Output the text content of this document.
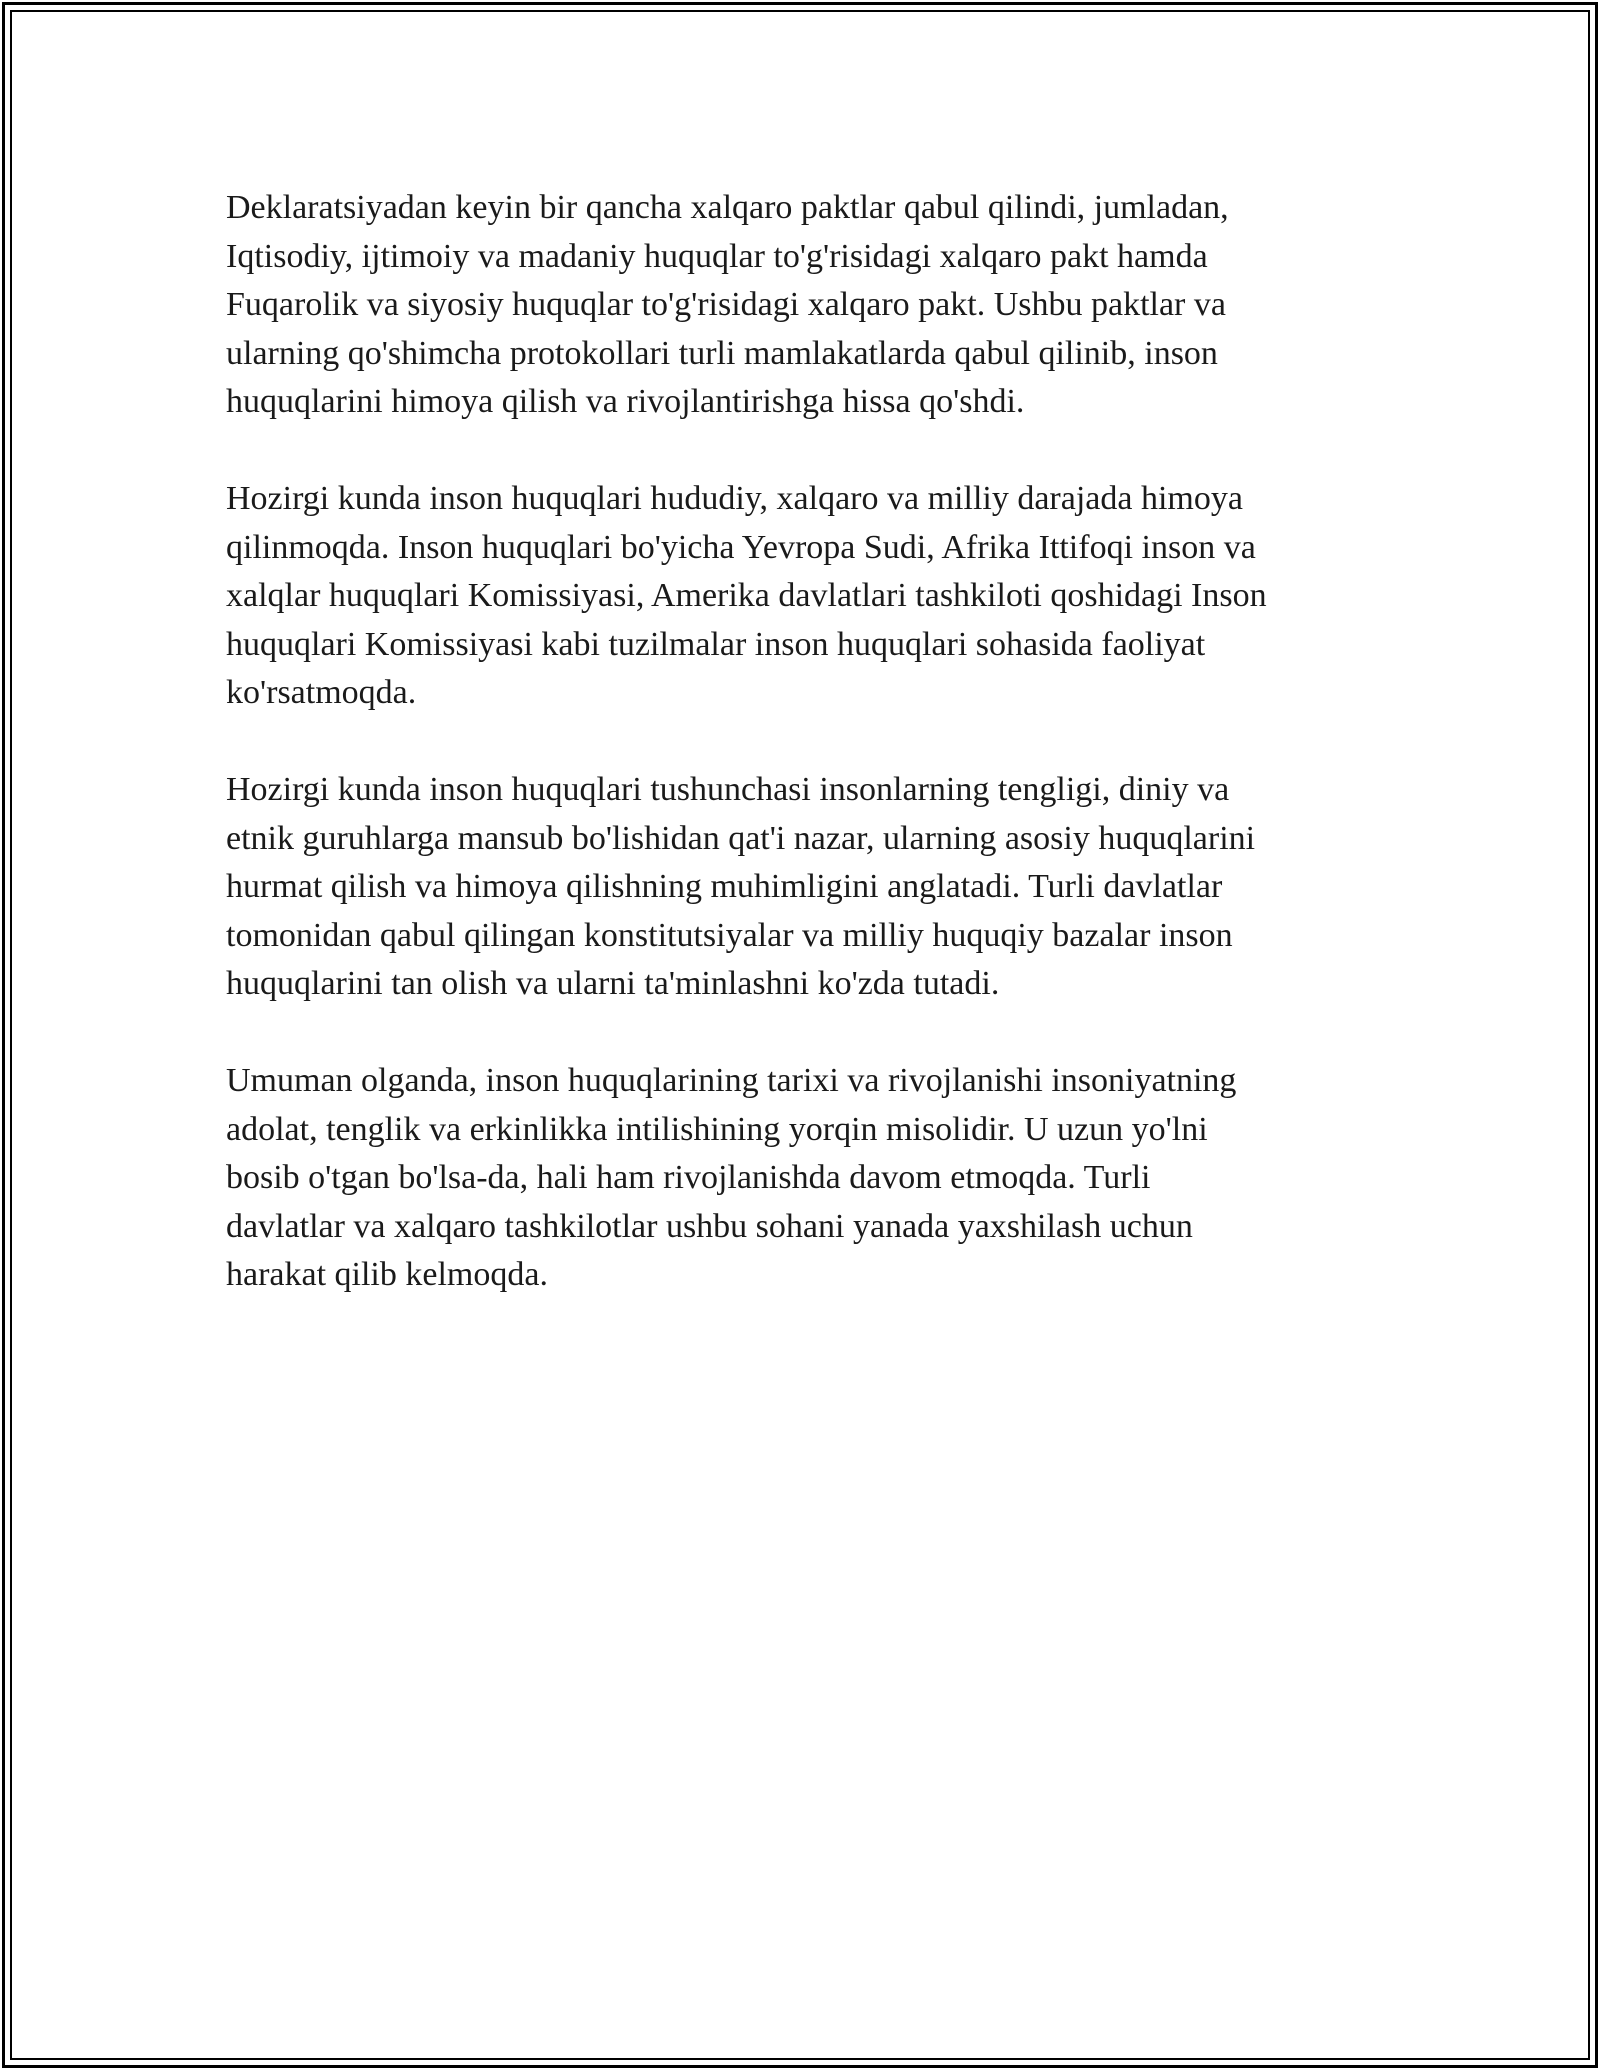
Deklaratsiyadan keyin bir qancha xalqaro paktlar qabul qilindi, jumladan,
Iqtisodiy, ijtimoiy va madaniy huquqlar to'g'risidagi xalqaro pakt hamda
Fuqarolik va siyosiy huquqlar to'g'risidagi xalqaro pakt. Ushbu paktlar va
ularning qo'shimcha protokollari turli mamlakatlarda qabul qilinib, inson
huquqlarini himoya qilish va rivojlantirishga hissa qo'shdi.

Hozirgi kunda inson huquqlari hududiy, xalqaro va milliy darajada himoya
qilinmoqda. Inson huquqlari bo'yicha Yevropa Sudi, Afrika Ittifoqi inson va
xalqlar huquqlari Komissiyasi, Amerika davlatlari tashkiloti qoshidagi Inson
huquqlari Komissiyasi kabi tuzilmalar inson huquqlari sohasida faoliyat
ko'rsatmoqda.

Hozirgi kunda inson huquqlari tushunchasi insonlarning tengligi, diniy va
etnik guruhlarga mansub bo'lishidan qat'i nazar, ularning asosiy huquqlarini
hurmat qilish va himoya qilishning muhimligini anglatadi. Turli davlatlar
tomonidan qabul qilingan konstitutsiyalar va milliy huquqiy bazalar inson
huquqlarini tan olish va ularni ta'minlashni ko'zda tutadi.

Umuman olganda, inson huquqlarining tarixi va rivojlanishi insoniyatning
adolat, tenglik va erkinlikka intilishining yorqin misolidir. U uzun yo'lni
bosib o'tgan bo'lsa-da, hali ham rivojlanishda davom etmoqda. Turli
davlatlar va xalqaro tashkilotlar ushbu sohani yanada yaxshilash uchun
harakat qilib kelmoqda.
